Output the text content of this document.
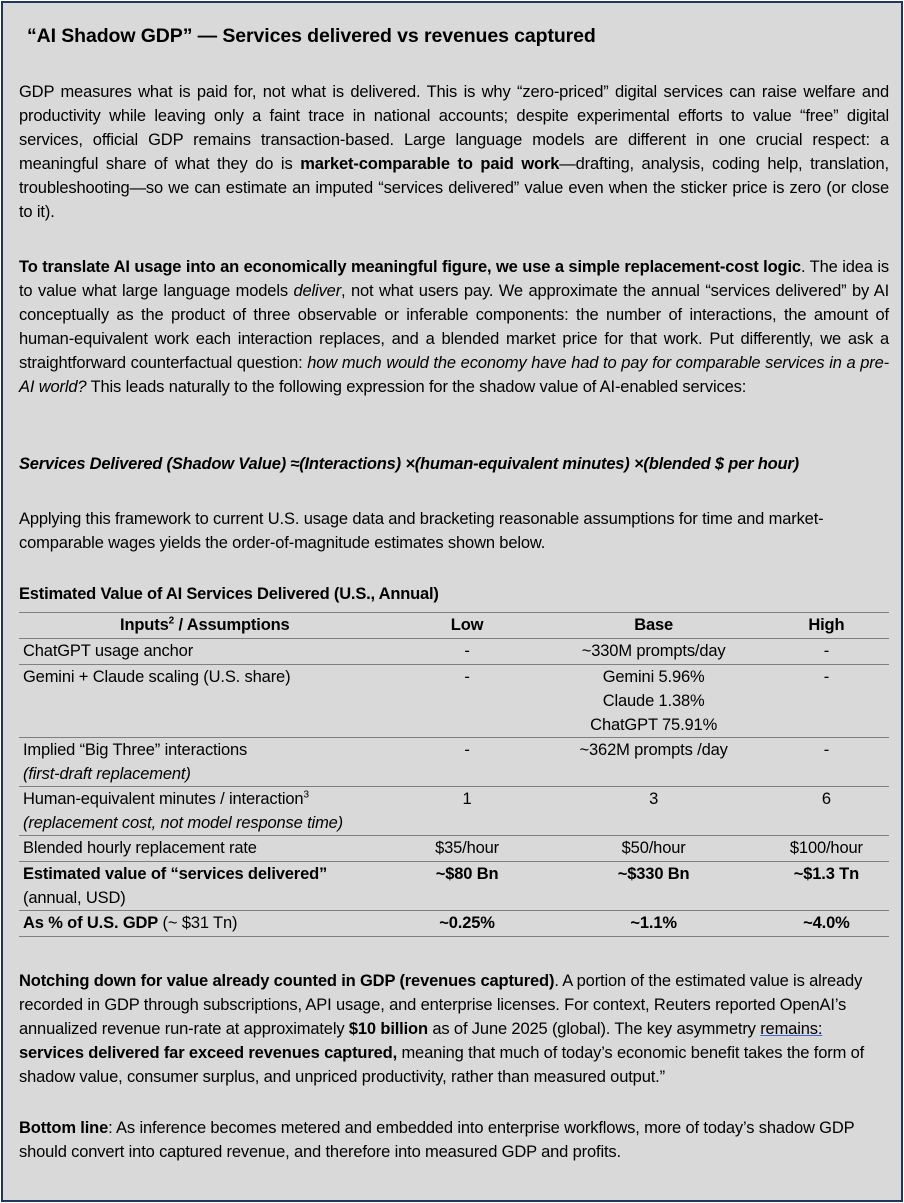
“AI Shadow GDP” — Services delivered vs revenues captured
GDP measures what is paid for, not what is delivered. This is why “zero-priced” digital services can raise welfare and productivity while leaving only a faint trace in national accounts; despite experimental efforts to value “free” digital services, official GDP remains transaction-based. Large language models are different in one crucial respect: a meaningful share of what they do is market-comparable to paid work—drafting, analysis, coding help, translation, troubleshooting—so we can estimate an imputed “services delivered” value even when the sticker price is zero (or close to it).
To translate AI usage into an economically meaningful figure, we use a simple replacement-cost logic. The idea is to value what large language models deliver, not what users pay. We approximate the annual “services delivered” by AI conceptually as the product of three observable or inferable components: the number of interactions, the amount of human-equivalent work each interaction replaces, and a blended market price for that work. Put differently, we ask a straightforward counterfactual question: how much would the economy have had to pay for comparable services in a pre-AI world? This leads naturally to the following expression for the shadow value of AI-enabled services:
Services Delivered (Shadow Value) ≈(Interactions) ×(human-equivalent minutes) ×(blended $ per hour)
Applying this framework to current U.S. usage data and bracketing reasonable assumptions for time and market-comparable wages yields the order-of-magnitude estimates shown below.
Estimated Value of AI Services Delivered (U.S., Annual)
Inputs$^2$ / Assumptions	Low	Base	High
ChatGPT usage anchor	-	~330M prompts/day	-
Gemini + Claude scaling (U.S. share)	-	Gemini 5.96%
Claude 1.38%
ChatGPT 75.91%	-

Implied “Big Three” interactions
(first-draft replacement)	-	~362M prompts /day	-

Human-equivalent minutes / interaction$^3$
(replacement cost, not model response time)	1	3	6
Blended hourly replacement rate	$35/hour	$50/hour	$100/hour

Estimated value of “services delivered”
(annual, USD)	~$80 Bn	~$330 Bn	~$1.3 Tn
As % of U.S. GDP (~ $31 Tn)	~0.25%	~1.1%	~4.0%
Notching down for value already counted in GDP (revenues captured). A portion of the estimated value is already recorded in GDP through subscriptions, API usage, and enterprise licenses. For context, Reuters reported OpenAI’s annualized revenue run-rate at approximately $10 billion as of June 2025 (global). The key asymmetry remains: services delivered far exceed revenues captured, meaning that much of today’s economic benefit takes the form of shadow value, consumer surplus, and unpriced productivity, rather than measured output.”
Bottom line: As inference becomes metered and embedded into enterprise workflows, more of today’s shadow GDP should convert into captured revenue, and therefore into measured GDP and profits.
